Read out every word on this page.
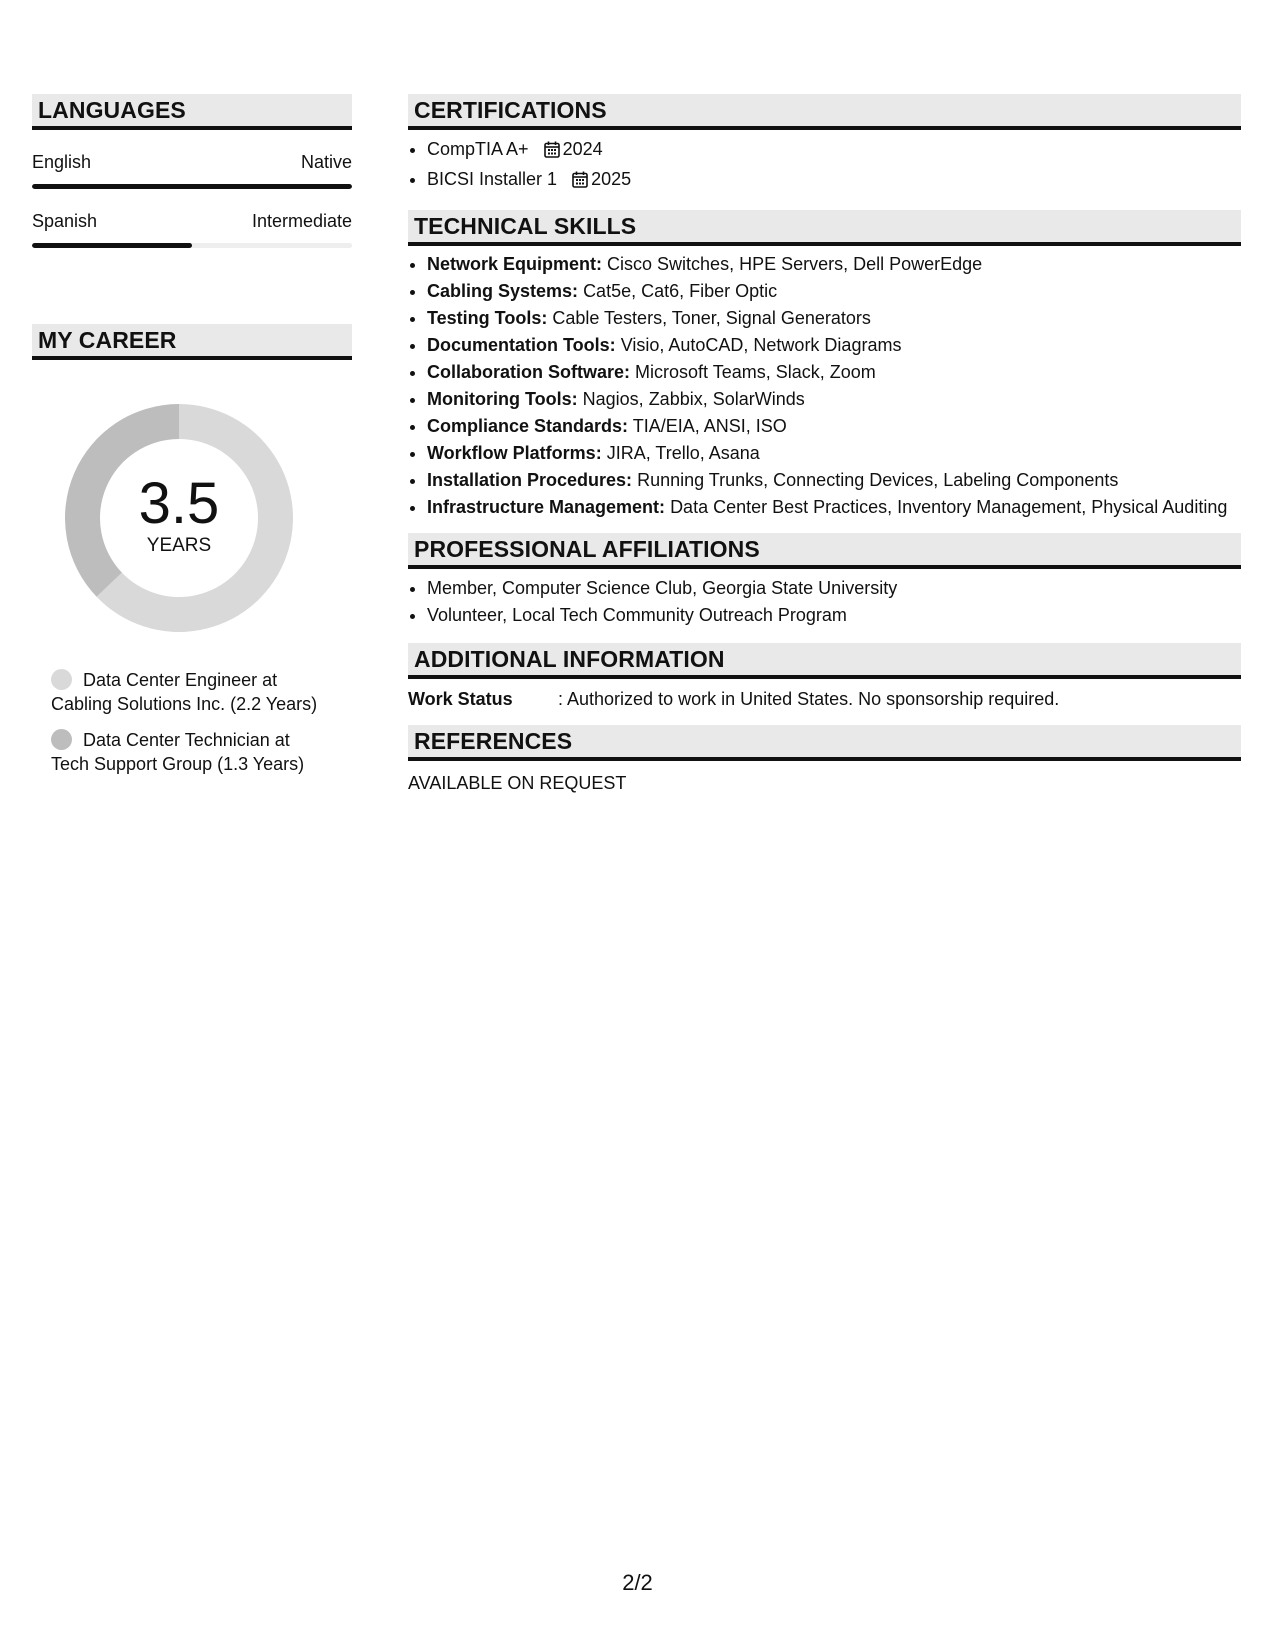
LANGUAGES
English	Native
Spanish	Intermediate
MY CAREER
3.5
YEARS
Data Center Engineer at Cabling Solutions Inc. (2.2 Years)
Data Center Technician at Tech Support Group (1.3 Years)
CERTIFICATIONS
• CompTIA A+ 2024
• BICSI Installer 1 2025
TECHNICAL SKILLS
• Network Equipment: Cisco Switches, HPE Servers, Dell PowerEdge
• Cabling Systems: Cat5e, Cat6, Fiber Optic
• Testing Tools: Cable Testers, Toner, Signal Generators
• Documentation Tools: Visio, AutoCAD, Network Diagrams
• Collaboration Software: Microsoft Teams, Slack, Zoom
• Monitoring Tools: Nagios, Zabbix, SolarWinds
• Compliance Standards: TIA/EIA, ANSI, ISO
• Workflow Platforms: JIRA, Trello, Asana
• Installation Procedures: Running Trunks, Connecting Devices, Labeling Components
• Infrastructure Management: Data Center Best Practices, Inventory Management, Physical Auditing
PROFESSIONAL AFFILIATIONS
• Member, Computer Science Club, Georgia State University
• Volunteer, Local Tech Community Outreach Program
ADDITIONAL INFORMATION
Work Status	: Authorized to work in United States. No sponsorship required.
REFERENCES
AVAILABLE ON REQUEST
2/2
